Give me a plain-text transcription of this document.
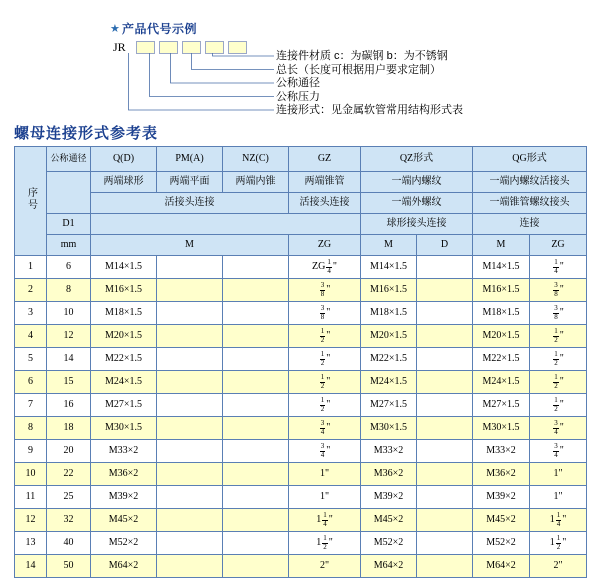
★ 产品代号示例
JR
连接件材质 c：为碳钢 b：为不锈钢
总长（长度可根据用户要求定制）
公称通径
公称压力
连接形式：见金属软管常用结构形式表
螺母连接形式参考表
序号	公称通径	Q(D)	PM(A)	NZ(C)	GZ	QZ形式		QG形式	
		两端球形	两端平面	两端内锥	两端锥管	一端内螺纹		一端内螺纹活接头	
		活接头连接			活接头连接	一端外螺纹		一端锥管螺纹接头	
	D1					球形接头连接		连接	
	mm	M			ZG	M	D	M	ZG
1	6	M14×1.5			ZG $\frac{1}{4}$ "	M14×1.5		M14×1.5	$\frac{1}{4}$ "
2	8	M16×1.5			$\frac{3}{8}$ "	M16×1.5		M16×1.5	$\frac{3}{8}$ "
3	10	M18×1.5			$\frac{3}{8}$ "	M18×1.5		M18×1.5	$\frac{3}{8}$ "
4	12	M20×1.5			$\frac{1}{2}$ "	M20×1.5		M20×1.5	$\frac{1}{2}$ "
5	14	M22×1.5			$\frac{1}{2}$ "	M22×1.5		M22×1.5	$\frac{1}{2}$ "
6	15	M24×1.5			$\frac{1}{2}$ "	M24×1.5		M24×1.5	$\frac{1}{2}$ "
7	16	M27×1.5			$\frac{1}{2}$ "	M27×1.5		M27×1.5	$\frac{1}{2}$ "
8	18	M30×1.5			$\frac{3}{4}$ "	M30×1.5		M30×1.5	$\frac{3}{4}$ "
9	20	M33×2			$\frac{3}{4}$ "	M33×2		M33×2	$\frac{3}{4}$ "
10	22	M36×2			1"	M36×2		M36×2	1"
11	25	M39×2			1"	M39×2		M39×2	1"
12	32	M45×2			$1 \frac{1}{4}$ "	M45×2		M45×2	$1 \frac{1}{4}$ "
13	40	M52×2			$1 \frac{1}{2}$ "	M52×2		M52×2	$1 \frac{1}{2}$ "
14	50	M64×2			2"	M64×2		M64×2	2"
